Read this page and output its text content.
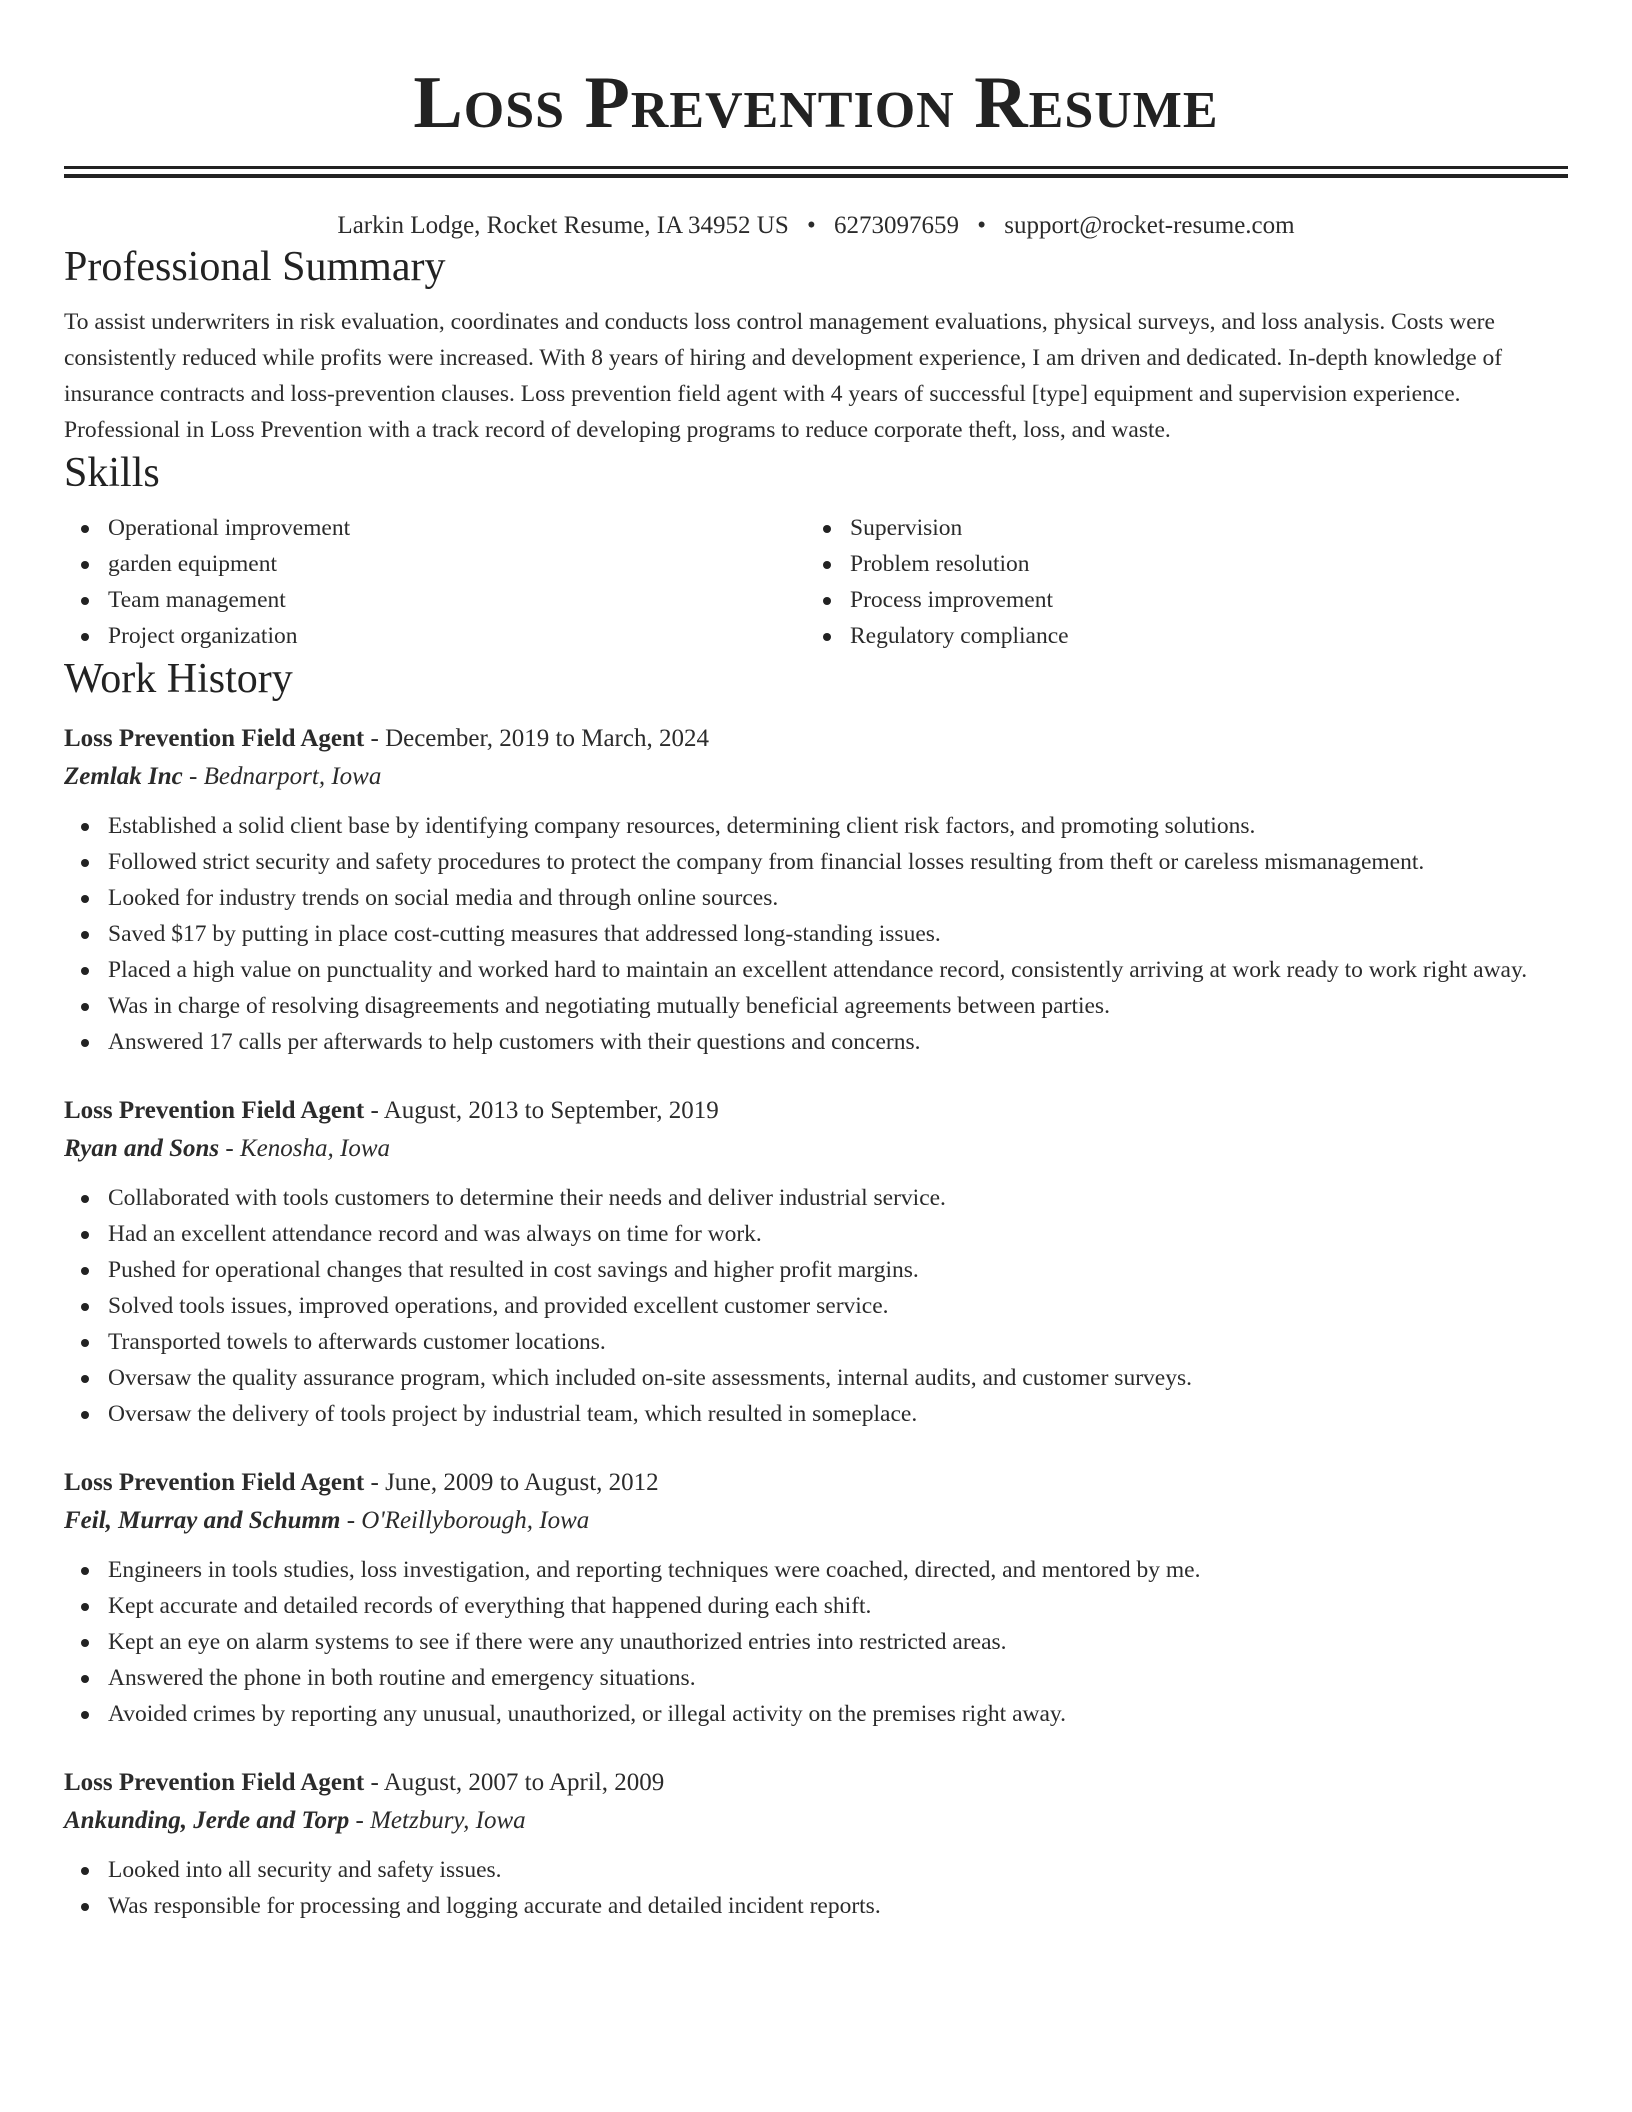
Loss Prevention Resume
Larkin Lodge, Rocket Resume, IA 34952 US • 6273097659 • support@rocket-resume.com
Professional Summary

To assist underwriters in risk evaluation, coordinates and conducts loss control management evaluations, physical surveys, and loss analysis. Costs were consistently reduced while profits were increased. With 8 years of hiring and development experience, I am driven and dedicated. In-depth knowledge of insurance contracts and loss-prevention clauses. Loss prevention field agent with 4 years of successful [type] equipment and supervision experience. Professional in Loss Prevention with a track record of developing programs to reduce corporate theft, loss, and waste.

Skills
Operational improvement
garden equipment
Team management
Project organization
Supervision
Problem resolution
Process improvement
Regulatory compliance
Work History

Loss Prevention Field Agent - December, 2019 to March, 2024

Zemlak Inc - Bednarport, Iowa

Established a solid client base by identifying company resources, determining client risk factors, and promoting solutions.
Followed strict security and safety procedures to protect the company from financial losses resulting from theft or careless mismanagement.
Looked for industry trends on social media and through online sources.
Saved $17 by putting in place cost-cutting measures that addressed long-standing issues.
Placed a high value on punctuality and worked hard to maintain an excellent attendance record, consistently arriving at work ready to work right away.
Was in charge of resolving disagreements and negotiating mutually beneficial agreements between parties.
Answered 17 calls per afterwards to help customers with their questions and concerns.

Loss Prevention Field Agent - August, 2013 to September, 2019

Ryan and Sons - Kenosha, Iowa

Collaborated with tools customers to determine their needs and deliver industrial service.
Had an excellent attendance record and was always on time for work.
Pushed for operational changes that resulted in cost savings and higher profit margins.
Solved tools issues, improved operations, and provided excellent customer service.
Transported towels to afterwards customer locations.
Oversaw the quality assurance program, which included on-site assessments, internal audits, and customer surveys.
Oversaw the delivery of tools project by industrial team, which resulted in someplace.

Loss Prevention Field Agent - June, 2009 to August, 2012

Feil, Murray and Schumm - O'Reillyborough, Iowa

Engineers in tools studies, loss investigation, and reporting techniques were coached, directed, and mentored by me.
Kept accurate and detailed records of everything that happened during each shift.
Kept an eye on alarm systems to see if there were any unauthorized entries into restricted areas.
Answered the phone in both routine and emergency situations.
Avoided crimes by reporting any unusual, unauthorized, or illegal activity on the premises right away.

Loss Prevention Field Agent - August, 2007 to April, 2009

Ankunding, Jerde and Torp - Metzbury, Iowa

Looked into all security and safety issues.
Was responsible for processing and logging accurate and detailed incident reports.
